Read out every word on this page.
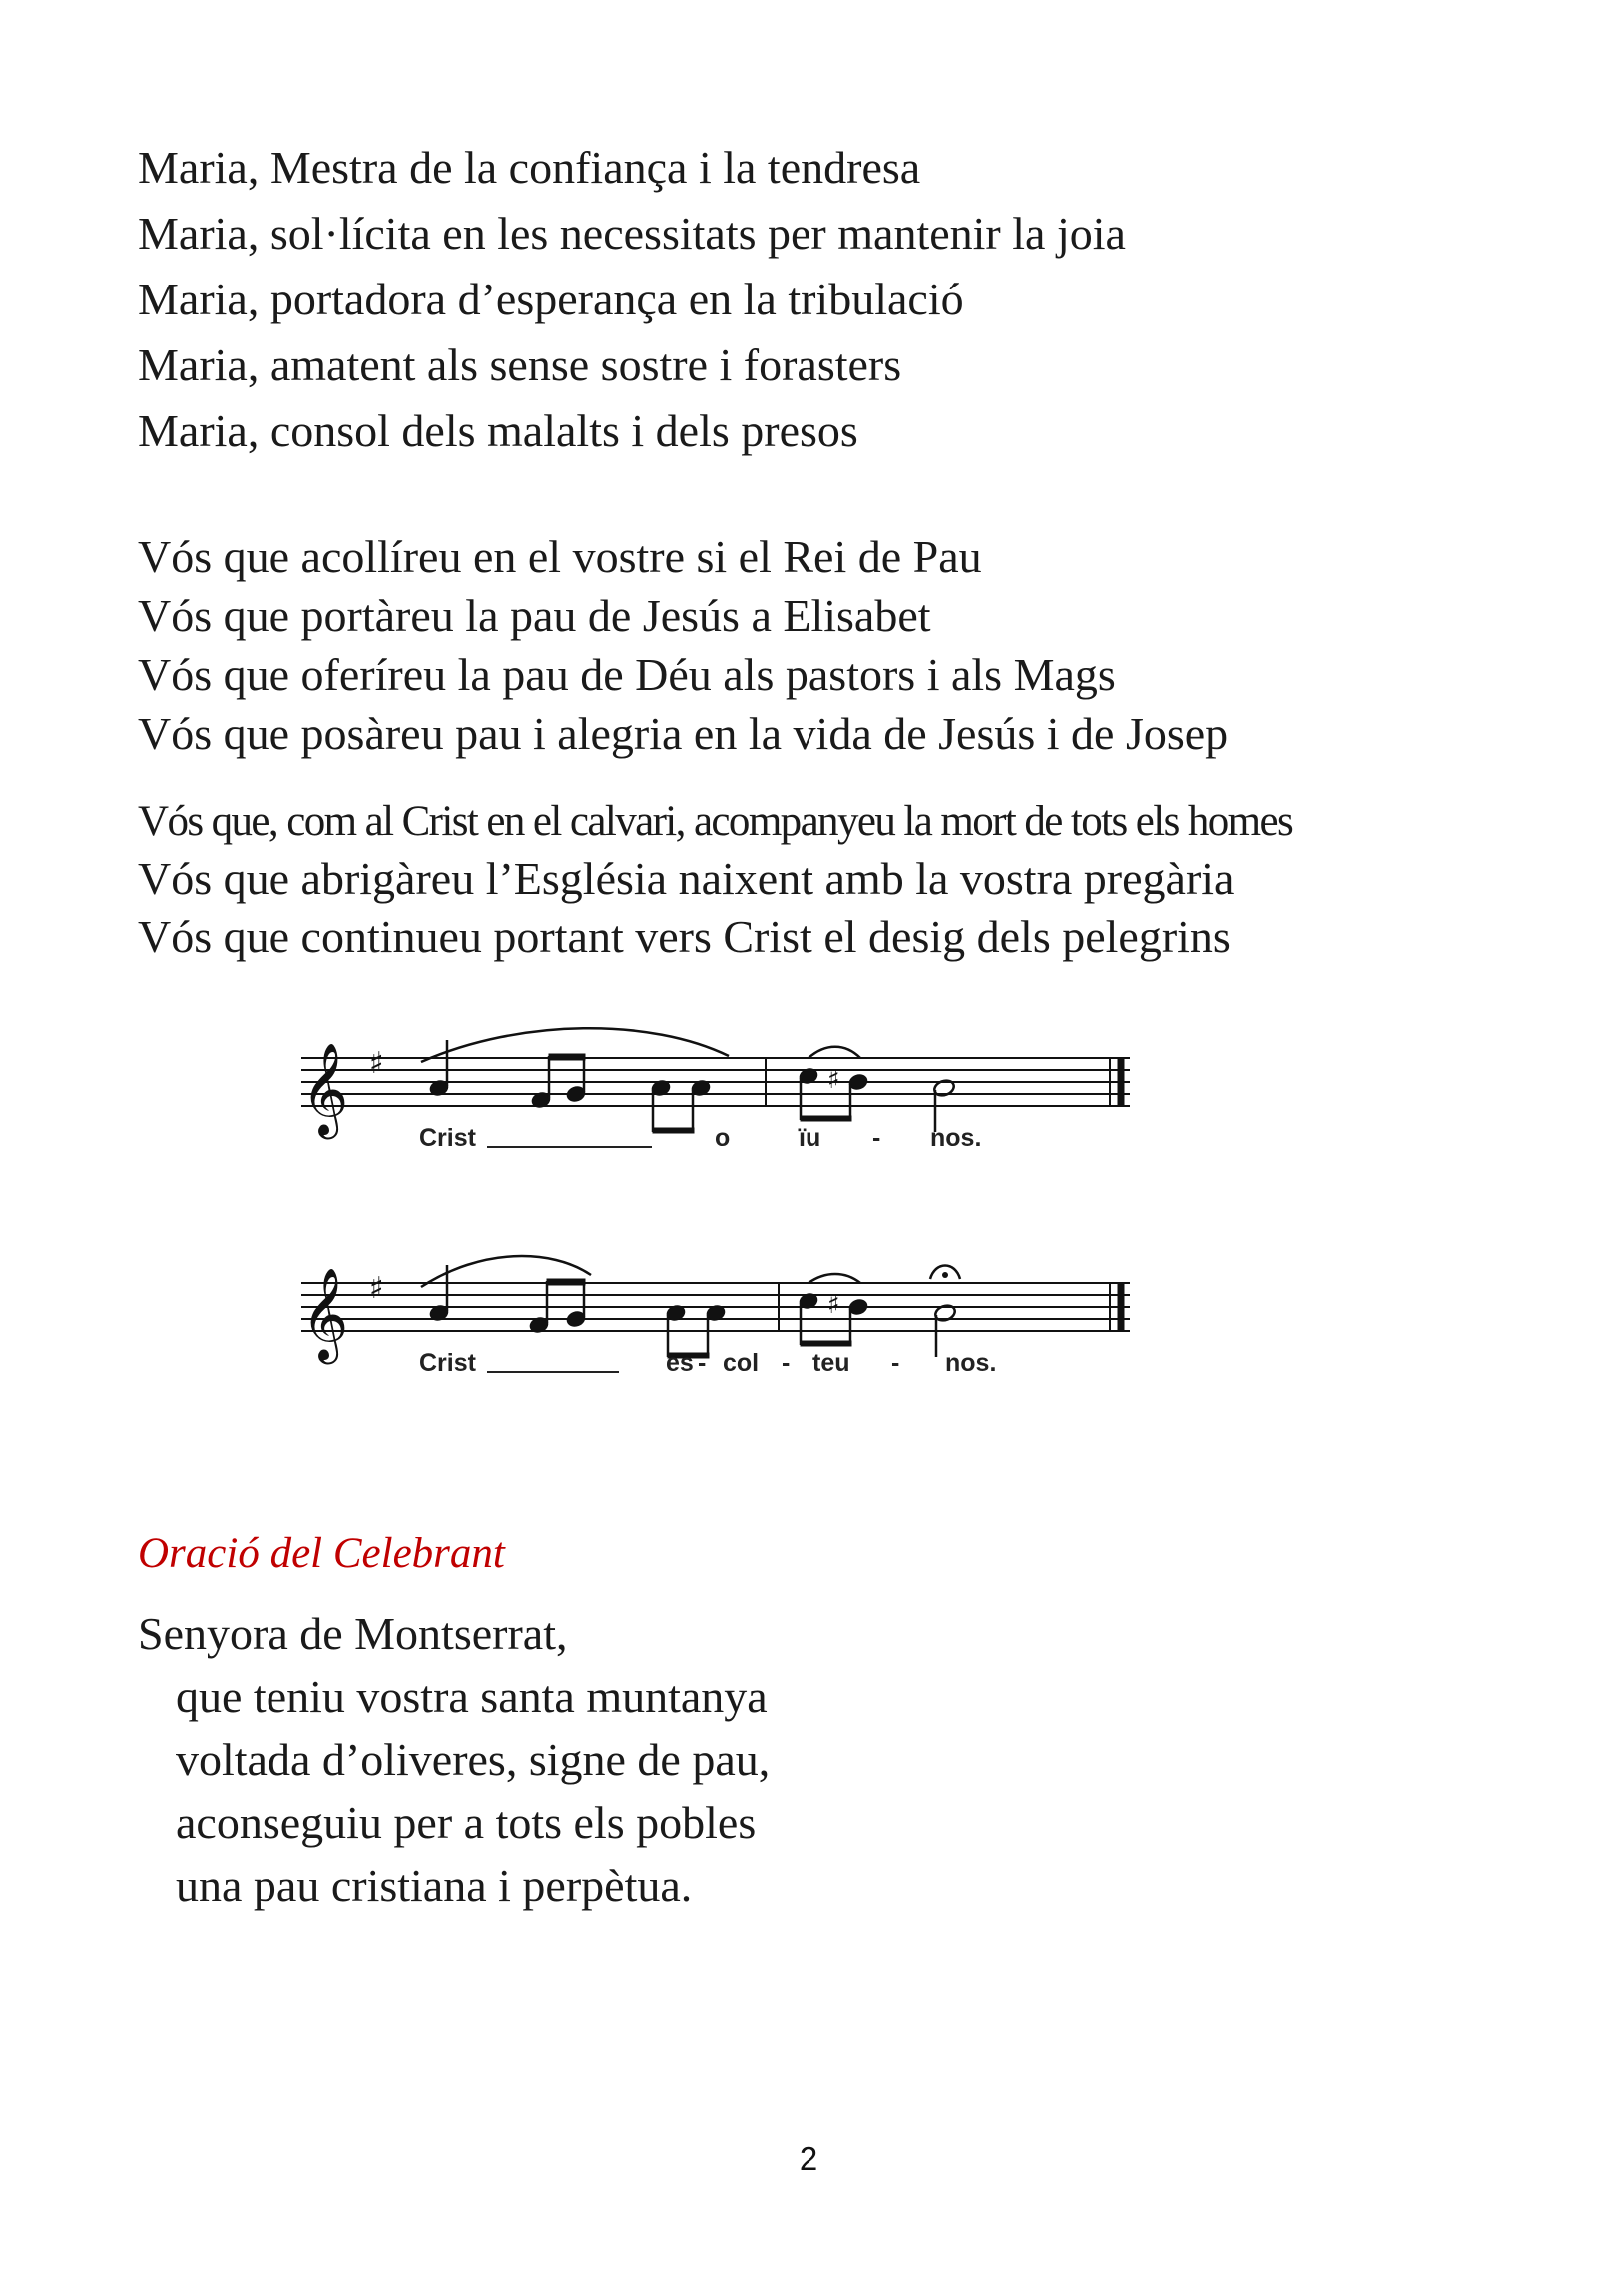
Maria, Mestra de la confiança i la tendresa
Maria, sol·lícita en les necessitats per mantenir la joia
Maria, portadora d’esperança en la tribulació
Maria, amatent als sense sostre i forasters
Maria, consol dels malalts i dels presos
Vós que acollíreu en el vostre si el Rei de Pau
Vós que portàreu la pau de Jesús a Elisabet
Vós que oferíreu la pau de Déu als pastors i als Mags
Vós que posàreu pau i alegria en la vida de Jesús i de Josep
Vós que, com al Crist en el calvari, acompanyeu la mort de tots els homes
Vós que abrigàreu l’Església naixent amb la vostra pregària
Vós que continueu portant vers Crist el desig dels pelegrins
𝄞 ♯	♯
Crist	o	ïu - nos.
𝄞 ♯	♯
Crist	es - col - teu - nos.
Oració del Celebrant
Senyora de Montserrat,
que teniu vostra santa muntanya
voltada d’oliveres, signe de pau,
aconseguiu per a tots els pobles
una pau cristiana i perpètua.
2
